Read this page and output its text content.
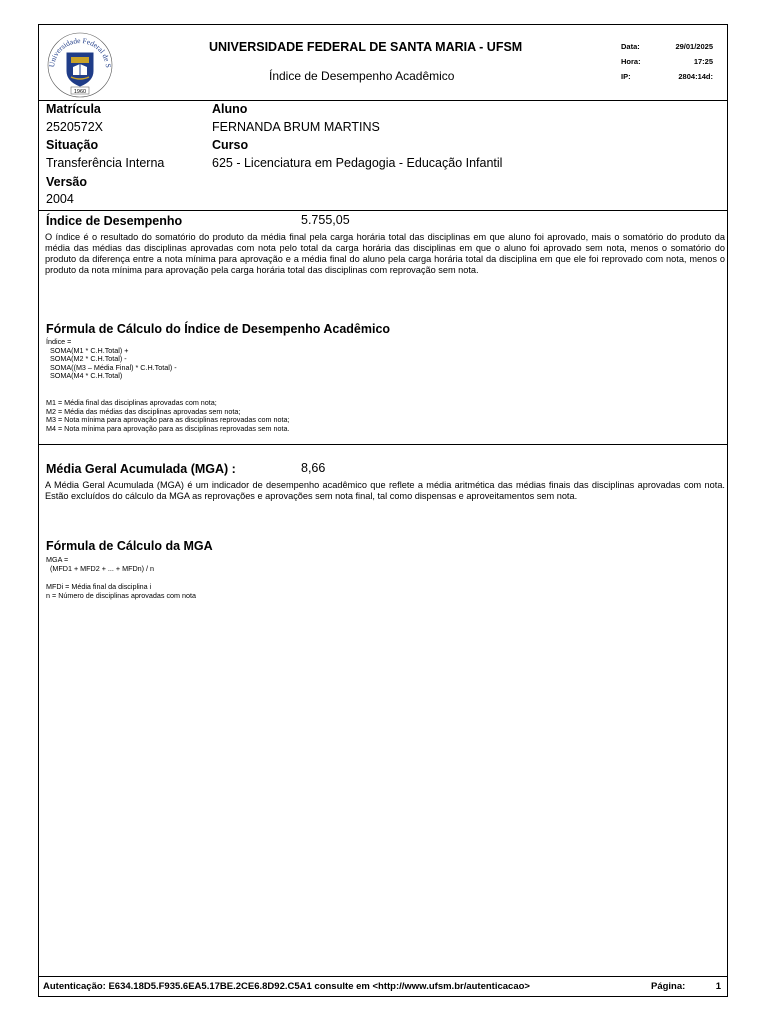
Universidade Federal de S
1960
UNIVERSIDADE FEDERAL DE SANTA MARIA - UFSM
Índice de Desempenho Acadêmico
Data:	29/01/2025
Hora:	17:25
IP:	2804:14d:
Matrícula
2520572X
Aluno
FERNANDA BRUM MARTINS
Situação
Transferência Interna
Curso
625 - Licenciatura em Pedagogia - Educação Infantil
Versão
2004
Índice de Desempenho	5.755,05
O índice é o resultado do somatório do produto da média final pela carga horária total das disciplinas em que aluno foi aprovado, mais o somatório do produto da média das médias das disciplinas aprovadas com nota pelo total da carga horária das disciplinas em que o aluno foi aprovado sem nota, menos o somatório do produto da diferença entre a nota mínima para aprovação e a média final do aluno pela carga horária total da disciplina em que ele foi reprovado com nota, menos o produto da nota mínima para aprovação pela carga horária total das disciplinas com reprovação sem nota.
Fórmula de Cálculo do Índice de Desempenho Acadêmico
Índice =
SOMA(M1 * C.H.Total) +
SOMA(M2 * C.H.Total) -
SOMA((M3 – Média Final) * C.H.Total) -
SOMA(M4 * C.H.Total)
M1 = Média final das disciplinas aprovadas com nota;
M2 = Média das médias das disciplinas aprovadas sem nota;
M3 = Nota mínima para aprovação para as disciplinas reprovadas com nota;
M4 = Nota mínima para aprovação para as disciplinas reprovadas sem nota.
Média Geral Acumulada (MGA) :	8,66
A Média Geral Acumulada (MGA) é um indicador de desempenho acadêmico que reflete a média aritmética das médias finais das disciplinas aprovadas com nota. Estão excluídos do cálculo da MGA as reprovações e aprovações sem nota final, tal como dispensas e aproveitamentos sem nota.
Fórmula de Cálculo da MGA
MGA =
(MFD1 + MFD2 + ... + MFDn) / n
MFDi = Média final da disciplina i
n = Número de disciplinas aprovadas com nota
Autenticação: E634.18D5.F935.6EA5.17BE.2CE6.8D92.C5A1 consulte em <http://www.ufsm.br/autenticacao>	Página:	1
